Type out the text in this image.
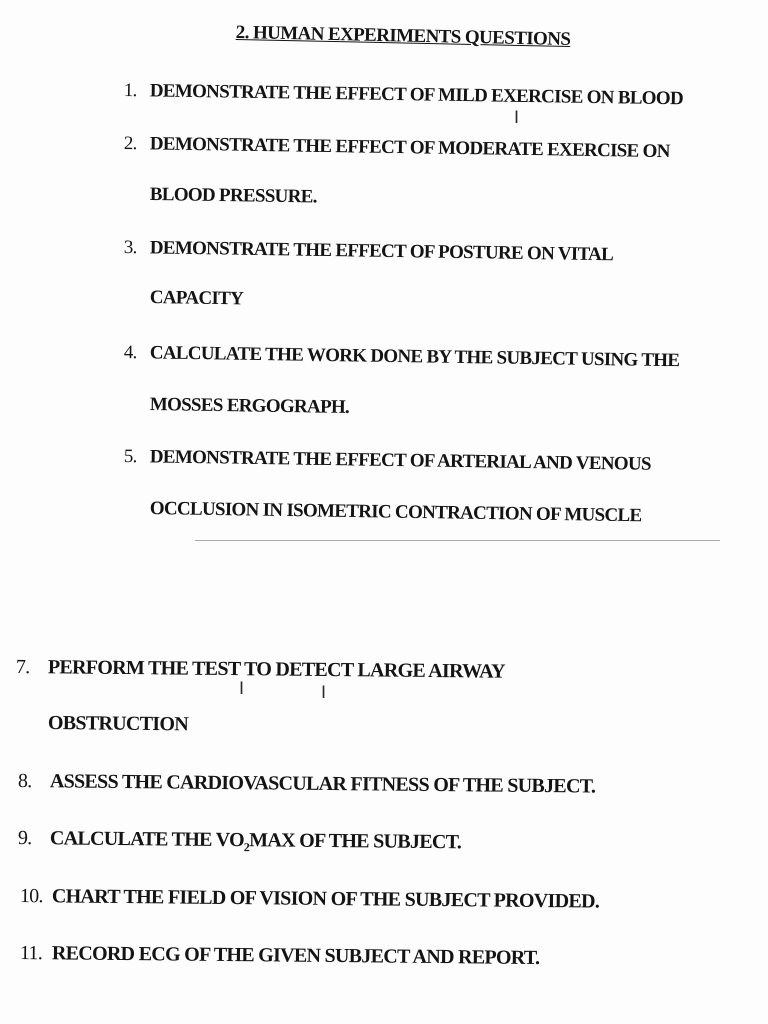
2. HUMAN EXPERIMENTS QUESTIONS
1. DEMONSTRATE THE EFFECT OF MILD EXERCISE ON BLOOD
2. DEMONSTRATE THE EFFECT OF MODERATE EXERCISE ON
BLOOD PRESSURE.
3. DEMONSTRATE THE EFFECT OF POSTURE ON VITAL
CAPACITY
4. CALCULATE THE WORK DONE BY THE SUBJECT USING THE
MOSSES ERGOGRAPH.
5. DEMONSTRATE THE EFFECT OF ARTERIAL AND VENOUS
OCCLUSION IN ISOMETRIC CONTRACTION OF MUSCLE
7. PERFORM THE TEST TO DETECT LARGE AIRWAY
OBSTRUCTION
8. ASSESS THE CARDIOVASCULAR FITNESS OF THE SUBJECT.
9. CALCULATE THE $VO_2MAX$ OF THE SUBJECT.
10. CHART THE FIELD OF VISION OF THE SUBJECT PROVIDED.
11. RECORD ECG OF THE GIVEN SUBJECT AND REPORT.
I
I	I
